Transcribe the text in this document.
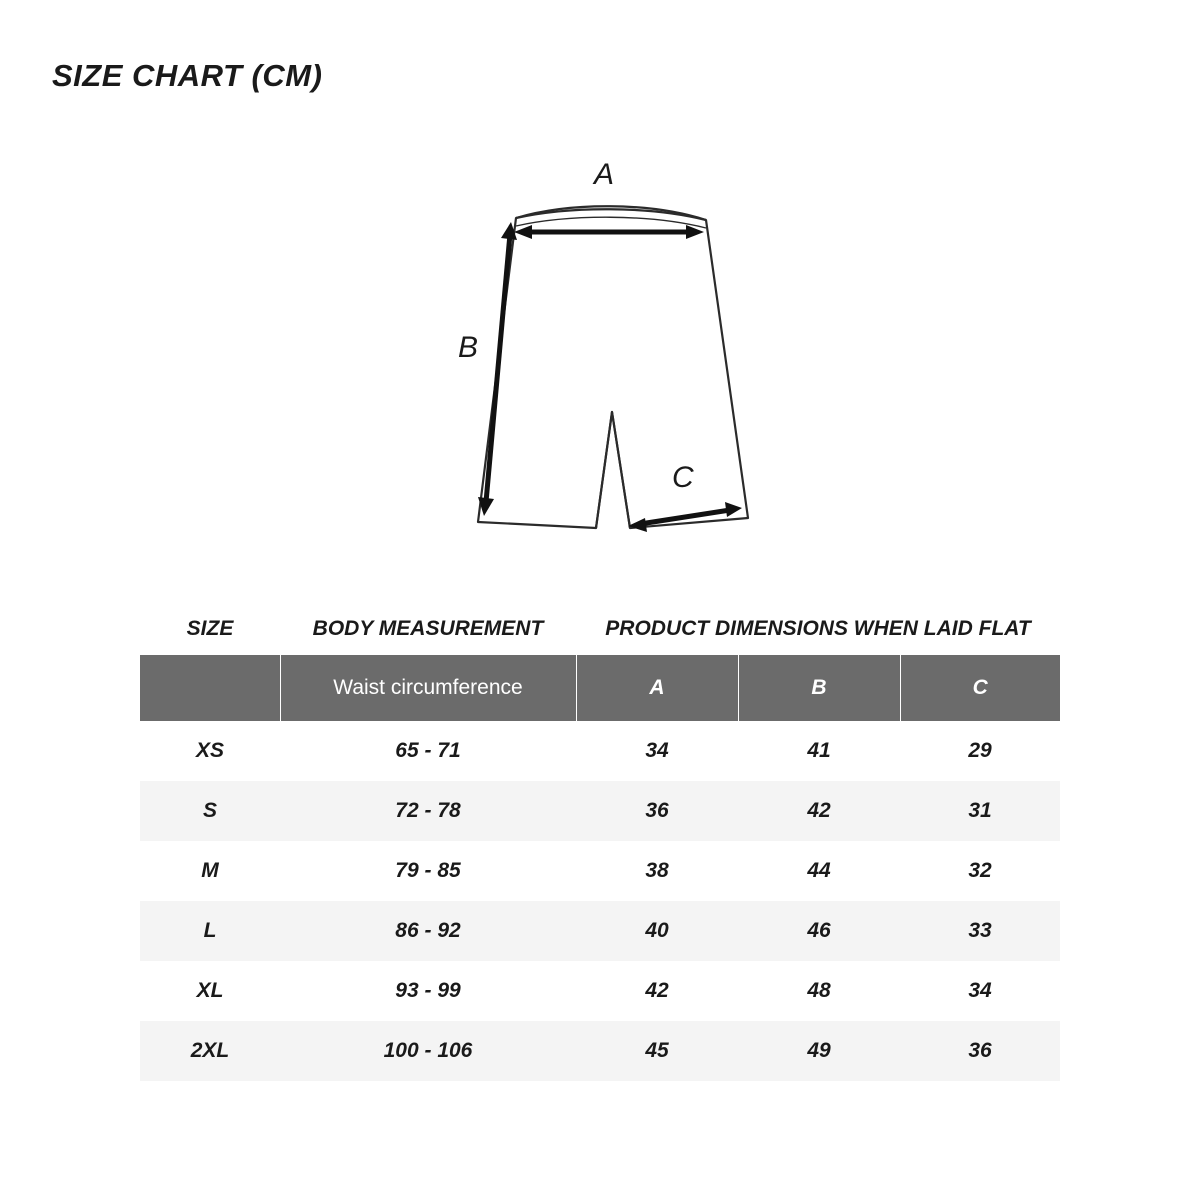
SIZE CHART (CM)
A
B
C
SIZE	BODY MEASUREMENT	PRODUCT DIMENSIONS WHEN LAID FLAT
	Waist circumference	A	B	C
XS	65 - 71	34	41	29
S	72 - 78	36	42	31
M	79 - 85	38	44	32
L	86 - 92	40	46	33
XL	93 - 99	42	48	34
2XL	100 - 106	45	49	36
